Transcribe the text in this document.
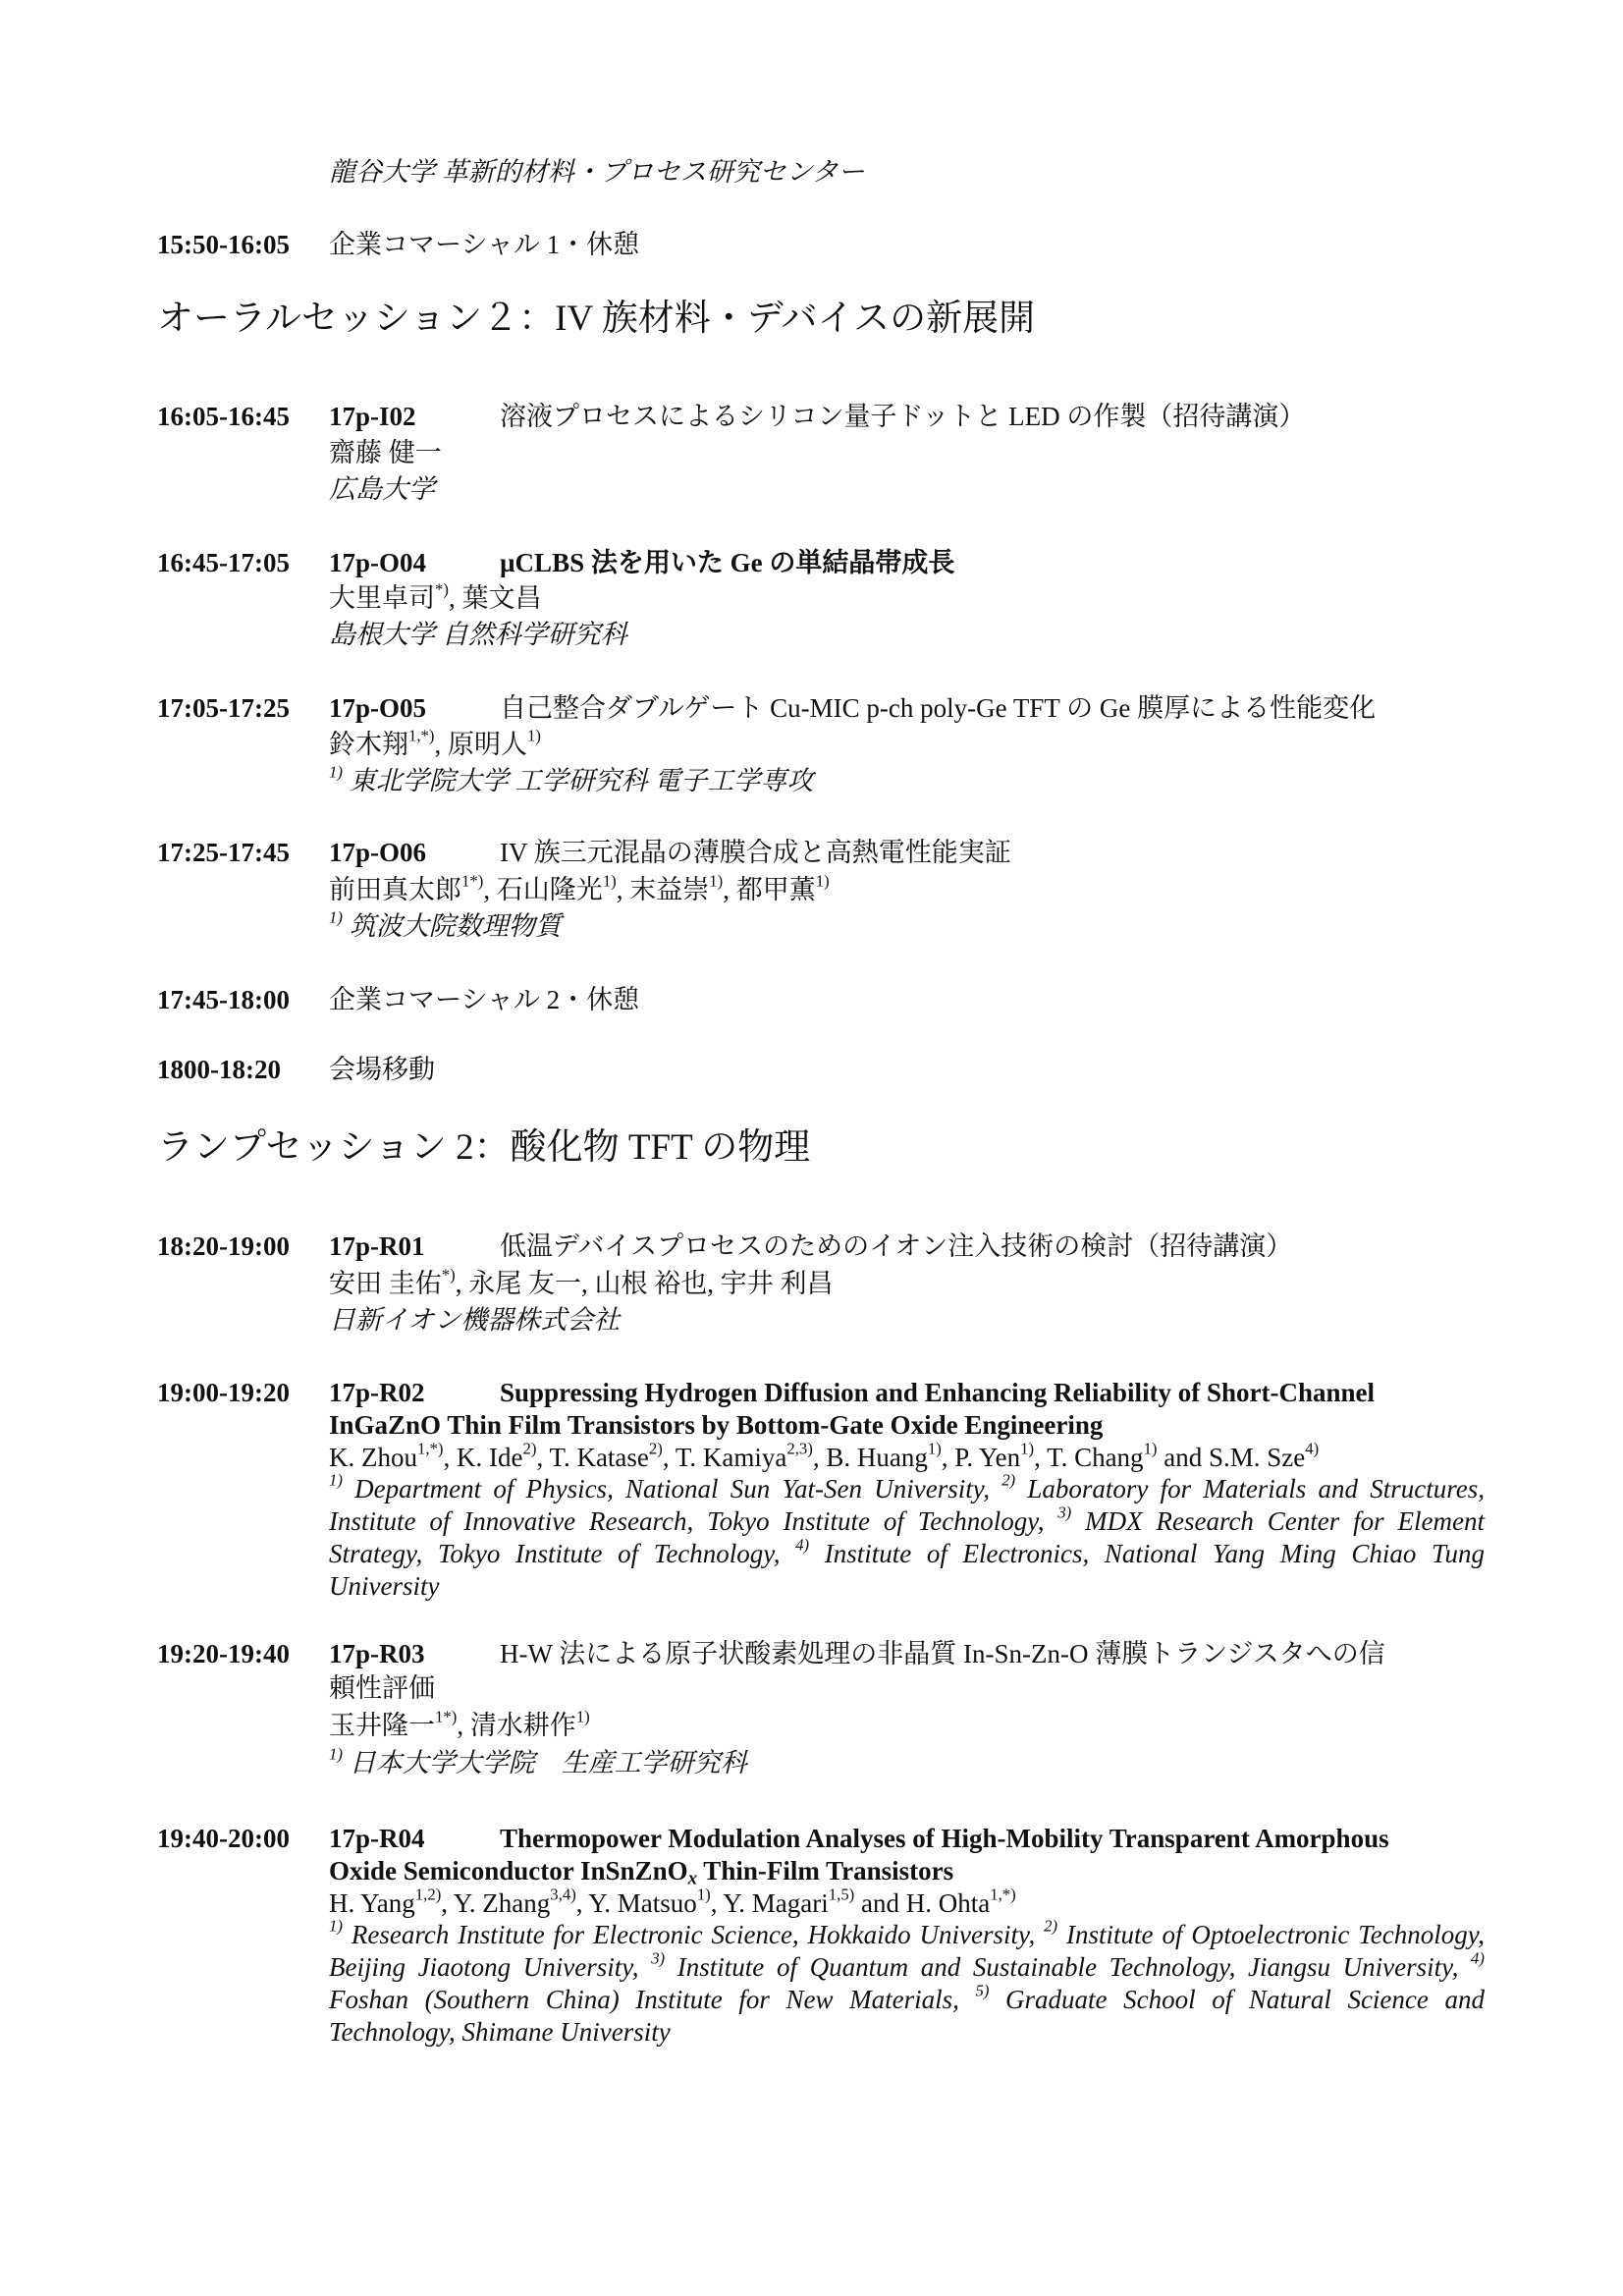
龍谷大学 革新的材料・プロセス研究センター
15:50-16:05 企業コマーシャル 1・休憩
オーラルセッション２：IV 族材料・デバイスの新展開
16:05-16:45 17p-I02	溶液プロセスによるシリコン量子ドットと LED の作製（招待講演）
齋藤 健一
広島大学
16:45-17:05 17p-O04	µCLBS 法を用いた Ge の単結晶帯成長
大里卓司*), 葉文昌
島根大学 自然科学研究科
17:05-17:25 17p-O05	自己整合ダブルゲート Cu-MIC p-ch poly-Ge TFT の Ge 膜厚による性能変化
鈴木翔$^{1,*)}$, 原明人$^{1)}$
$^{1)}$ 東北学院大学 工学研究科 電子工学専攻
17:25-17:45 17p-O06	IV 族三元混晶の薄膜合成と高熱電性能実証
前田真太郎$^{1*)}$, 石山隆光$^{1)}$, 末益崇$^{1)}$, 都甲薫$^{1)}$
$^{1)}$ 筑波大院数理物質
17:45-18:00 企業コマーシャル 2・休憩
1800-18:20 会場移動
ランプセッション 2：酸化物 TFT の物理
18:20-19:00 17p-R01	低温デバイスプロセスのためのイオン注入技術の検討（招待講演）
安田 圭佑*), 永尾 友一, 山根 裕也, 宇井 利昌
日新イオン機器株式会社
19:00-19:20 17p-R02	Suppressing Hydrogen Diffusion and Enhancing Reliability of Short-Channel
InGaZnO Thin Film Transistors by Bottom-Gate Oxide Engineering
K. Zhou$^{1,*)}$, K. Ide$^{2)}$, T. Katase$^{2)}$, T. Kamiya$^{2,3)}$, B. Huang$^{1)}$, P. Yen$^{1)}$, T. Chang$^{1)}$ and S.M. Sze$^{4)}$
$^{1)}$ Department of Physics, National Sun Yat-Sen University, $^{2)}$ Laboratory for Materials and Structures, Institute of Innovative Research, Tokyo Institute of Technology, $^{3)}$ MDX Research Center for Element Strategy, Tokyo Institute of Technology, $^{4)}$ Institute of Electronics, National Yang Ming Chiao Tung University
19:20-19:40 17p-R03	H-W 法による原子状酸素処理の非晶質 In-Sn-Zn-O 薄膜トランジスタへの信
頼性評価
玉井隆一$^{1*)}$, 清水耕作$^{1)}$
$^{1)}$ 日本大学大学院　生産工学研究科
19:40-20:00 17p-R04	Thermopower Modulation Analyses of High-Mobility Transparent Amorphous
Oxide Semiconductor InSnZnO$_x$ Thin-Film Transistors
H. Yang$^{1,2)}$, Y. Zhang$^{3,4)}$, Y. Matsuo$^{1)}$, Y. Magari$^{1,5)}$ and H. Ohta$^{1,*)}$
$^{1)}$ Research Institute for Electronic Science, Hokkaido University, $^{2)}$ Institute of Optoelectronic Technology, Beijing Jiaotong University, $^{3)}$ Institute of Quantum and Sustainable Technology, Jiangsu University, $^{4)}$ Foshan (Southern China) Institute for New Materials, $^{5)}$ Graduate School of Natural Science and Technology, Shimane University
